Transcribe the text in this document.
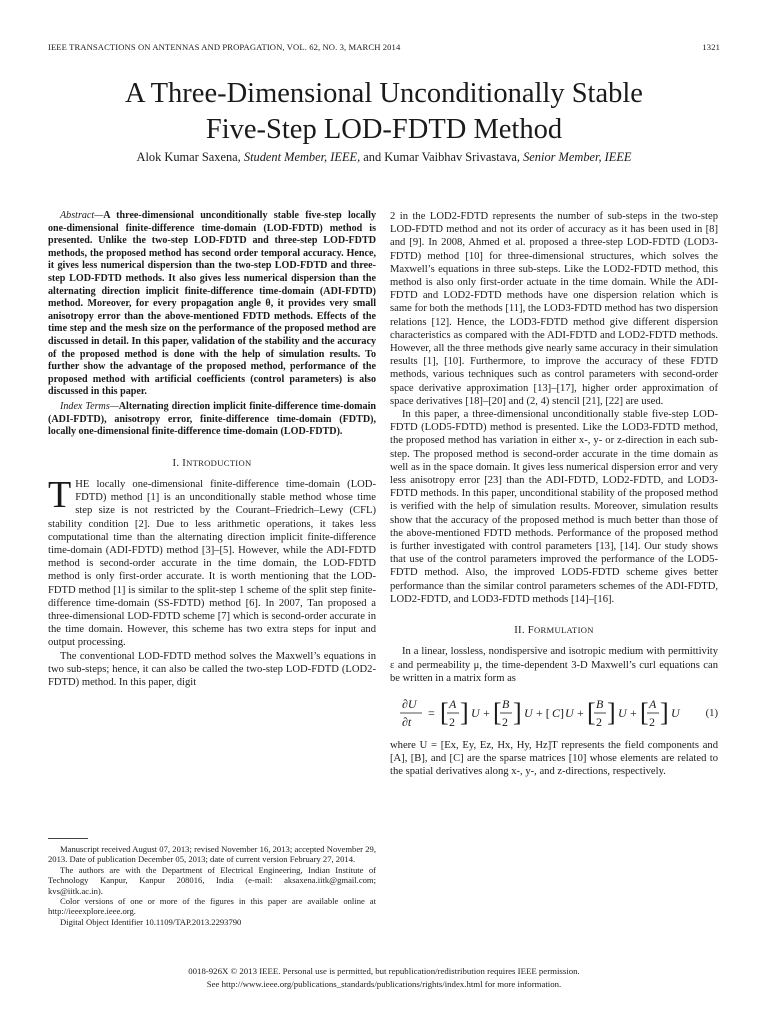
IEEE TRANSACTIONS ON ANTENNAS AND PROPAGATION, VOL. 62, NO. 3, MARCH 2014	1321
A Three-Dimensional Unconditionally Stable
Five-Step LOD-FDTD Method
Alok Kumar Saxena, Student Member, IEEE, and Kumar Vaibhav Srivastava, Senior Member, IEEE

Abstract—A three-dimensional unconditionally stable five-step locally one-dimensional finite-difference time-domain (LOD-FDTD) method is presented. Unlike the two-step LOD-FDTD and three-step LOD-FDTD methods, the proposed method has second order temporal accuracy. Hence, it gives less numerical dispersion than the two-step LOD-FDTD and three-step LOD-FDTD methods. It also gives less numerical dispersion than the alternating direction implicit finite-difference time-domain (ADI-FDTD) method. Moreover, for every propagation angle θ, it provides very small anisotropy error than the above-mentioned FDTD methods. Effects of the time step and the mesh size on the performance of the proposed method are discussed in detail. In this paper, validation of the stability and the accuracy of the proposed method is done with the help of simulation results. To further show the advantage of the proposed method, performance of the proposed method with artificial coefficients (control parameters) is also discussed in this paper.

Index Terms—Alternating direction implicit finite-difference time-domain (ADI-FDTD), anisotropy error, finite-difference time-domain (FDTD), locally one-dimensional finite-difference time-domain (LOD-FDTD).

I. INTRODUCTION

THE locally one-dimensional finite-difference time-domain (LOD-FDTD) method [1] is an unconditionally stable method whose time step size is not restricted by the Courant–Friedrich–Lewy (CFL) stability condition [2]. Due to less arithmetic operations, it takes less computational time than the alternating direction implicit finite-difference time-domain (ADI-FDTD) method [3]–[5]. However, while the ADI-FDTD method is second-order accurate in the time domain, the LOD-FDTD method is only first-order accurate. It is worth mentioning that the LOD-FDTD method [1] is similar to the split-step 1 scheme of the split step finite-difference time-domain (SS-FDTD) method [6]. In 2007, Tan proposed a three-dimensional LOD-FDTD scheme [7] which is second-order accurate in the time domain. However, this scheme has two extra steps for input and output processing.

The conventional LOD-FDTD method solves the Maxwell’s equations in two sub-steps; hence, it can also be called the two-step LOD-FDTD (LOD2-FDTD) method. In this paper, digit

Manuscript received August 07, 2013; revised November 16, 2013; accepted November 29, 2013. Date of publication December 05, 2013; date of current version February 27, 2014.

The authors are with the Department of Electrical Engineering, Indian Institute of Technology Kanpur, Kanpur 208016, India (e-mail: aksaxena.iitk@gmail.com; kvs@iitk.ac.in).

Color versions of one or more of the figures in this paper are available online at http://ieeexplore.ieee.org.

Digital Object Identifier 10.1109/TAP.2013.2293790

2 in the LOD2-FDTD represents the number of sub-steps in the two-step LOD-FDTD method and not its order of accuracy as it has been used in [8] and [9]. In 2008, Ahmed et al. proposed a three-step LOD-FDTD (LOD3-FDTD) method [10] for three-dimensional structures, which solves the Maxwell’s equations in three sub-steps. Like the LOD2-FDTD method, this method is also only first-order actuate in the time domain. While the ADI-FDTD and LOD2-FDTD methods have one dispersion relation which is same for both the methods [11], the LOD3-FDTD method has two dispersion relations [12]. Hence, the LOD3-FDTD method give different dispersion characteristics as compared with the ADI-FDTD and LOD2-FDTD methods. However, all the three methods give nearly same accuracy in their simulation results [1], [10]. Furthermore, to improve the accuracy of these FDTD methods, various techniques such as control parameters with second-order space derivative approximation [13]–[17], higher order approximation of space derivatives [18]–[20] and (2, 4) stencil [21], [22] are used.

In this paper, a three-dimensional unconditionally stable five-step LOD-FDTD (LOD5-FDTD) method is presented. Like the LOD3-FDTD method, the proposed method has variation in either x-, y- or z-direction in each sub-step. The proposed method is second-order accurate in the time domain as well as in the space domain. It gives less numerical dispersion error and very less anisotropy error [23] than the ADI-FDTD, LOD2-FDTD, and LOD3-FDTD methods. In this paper, unconditional stability of the proposed method is verified with the help of simulation results. Moreover, simulation results show that the accuracy of the proposed method is much better than those of the above-mentioned FDTD methods. Performance of the proposed method is further investigated with control parameters [13], [14]. Our study shows that use of the control parameters improved the performance of the LOD5-FDTD method. Also, the improved LOD5-FDTD scheme gives better performance than the similar control parameters schemes of the ADI-FDTD, LOD2-FDTD, and LOD3-FDTD methods [14]–[16].

II. FORMULATION

In a linear, lossless, nondispersive and isotropic medium with permittivity ε and permeability μ, the time-dependent 3-D Maxwell’s curl equations can be written in a matrix form as

∂U
∂t
= [ A
2 ] U + [ B
2 ] U + [ C ] U + [ B
2 ] U + [ A
2 ] U (1)

where U = [Ex, Ey, Ez, Hx, Hy, Hz]T represents the field components and [A], [B], and [C] are the sparse matrices [10] whose elements are related to the spatial derivatives along x-, y-, and z-directions, respectively.

0018-926X © 2013 IEEE. Personal use is permitted, but republication/redistribution requires IEEE permission.
See http://www.ieee.org/publications_standards/publications/rights/index.html for more information.
